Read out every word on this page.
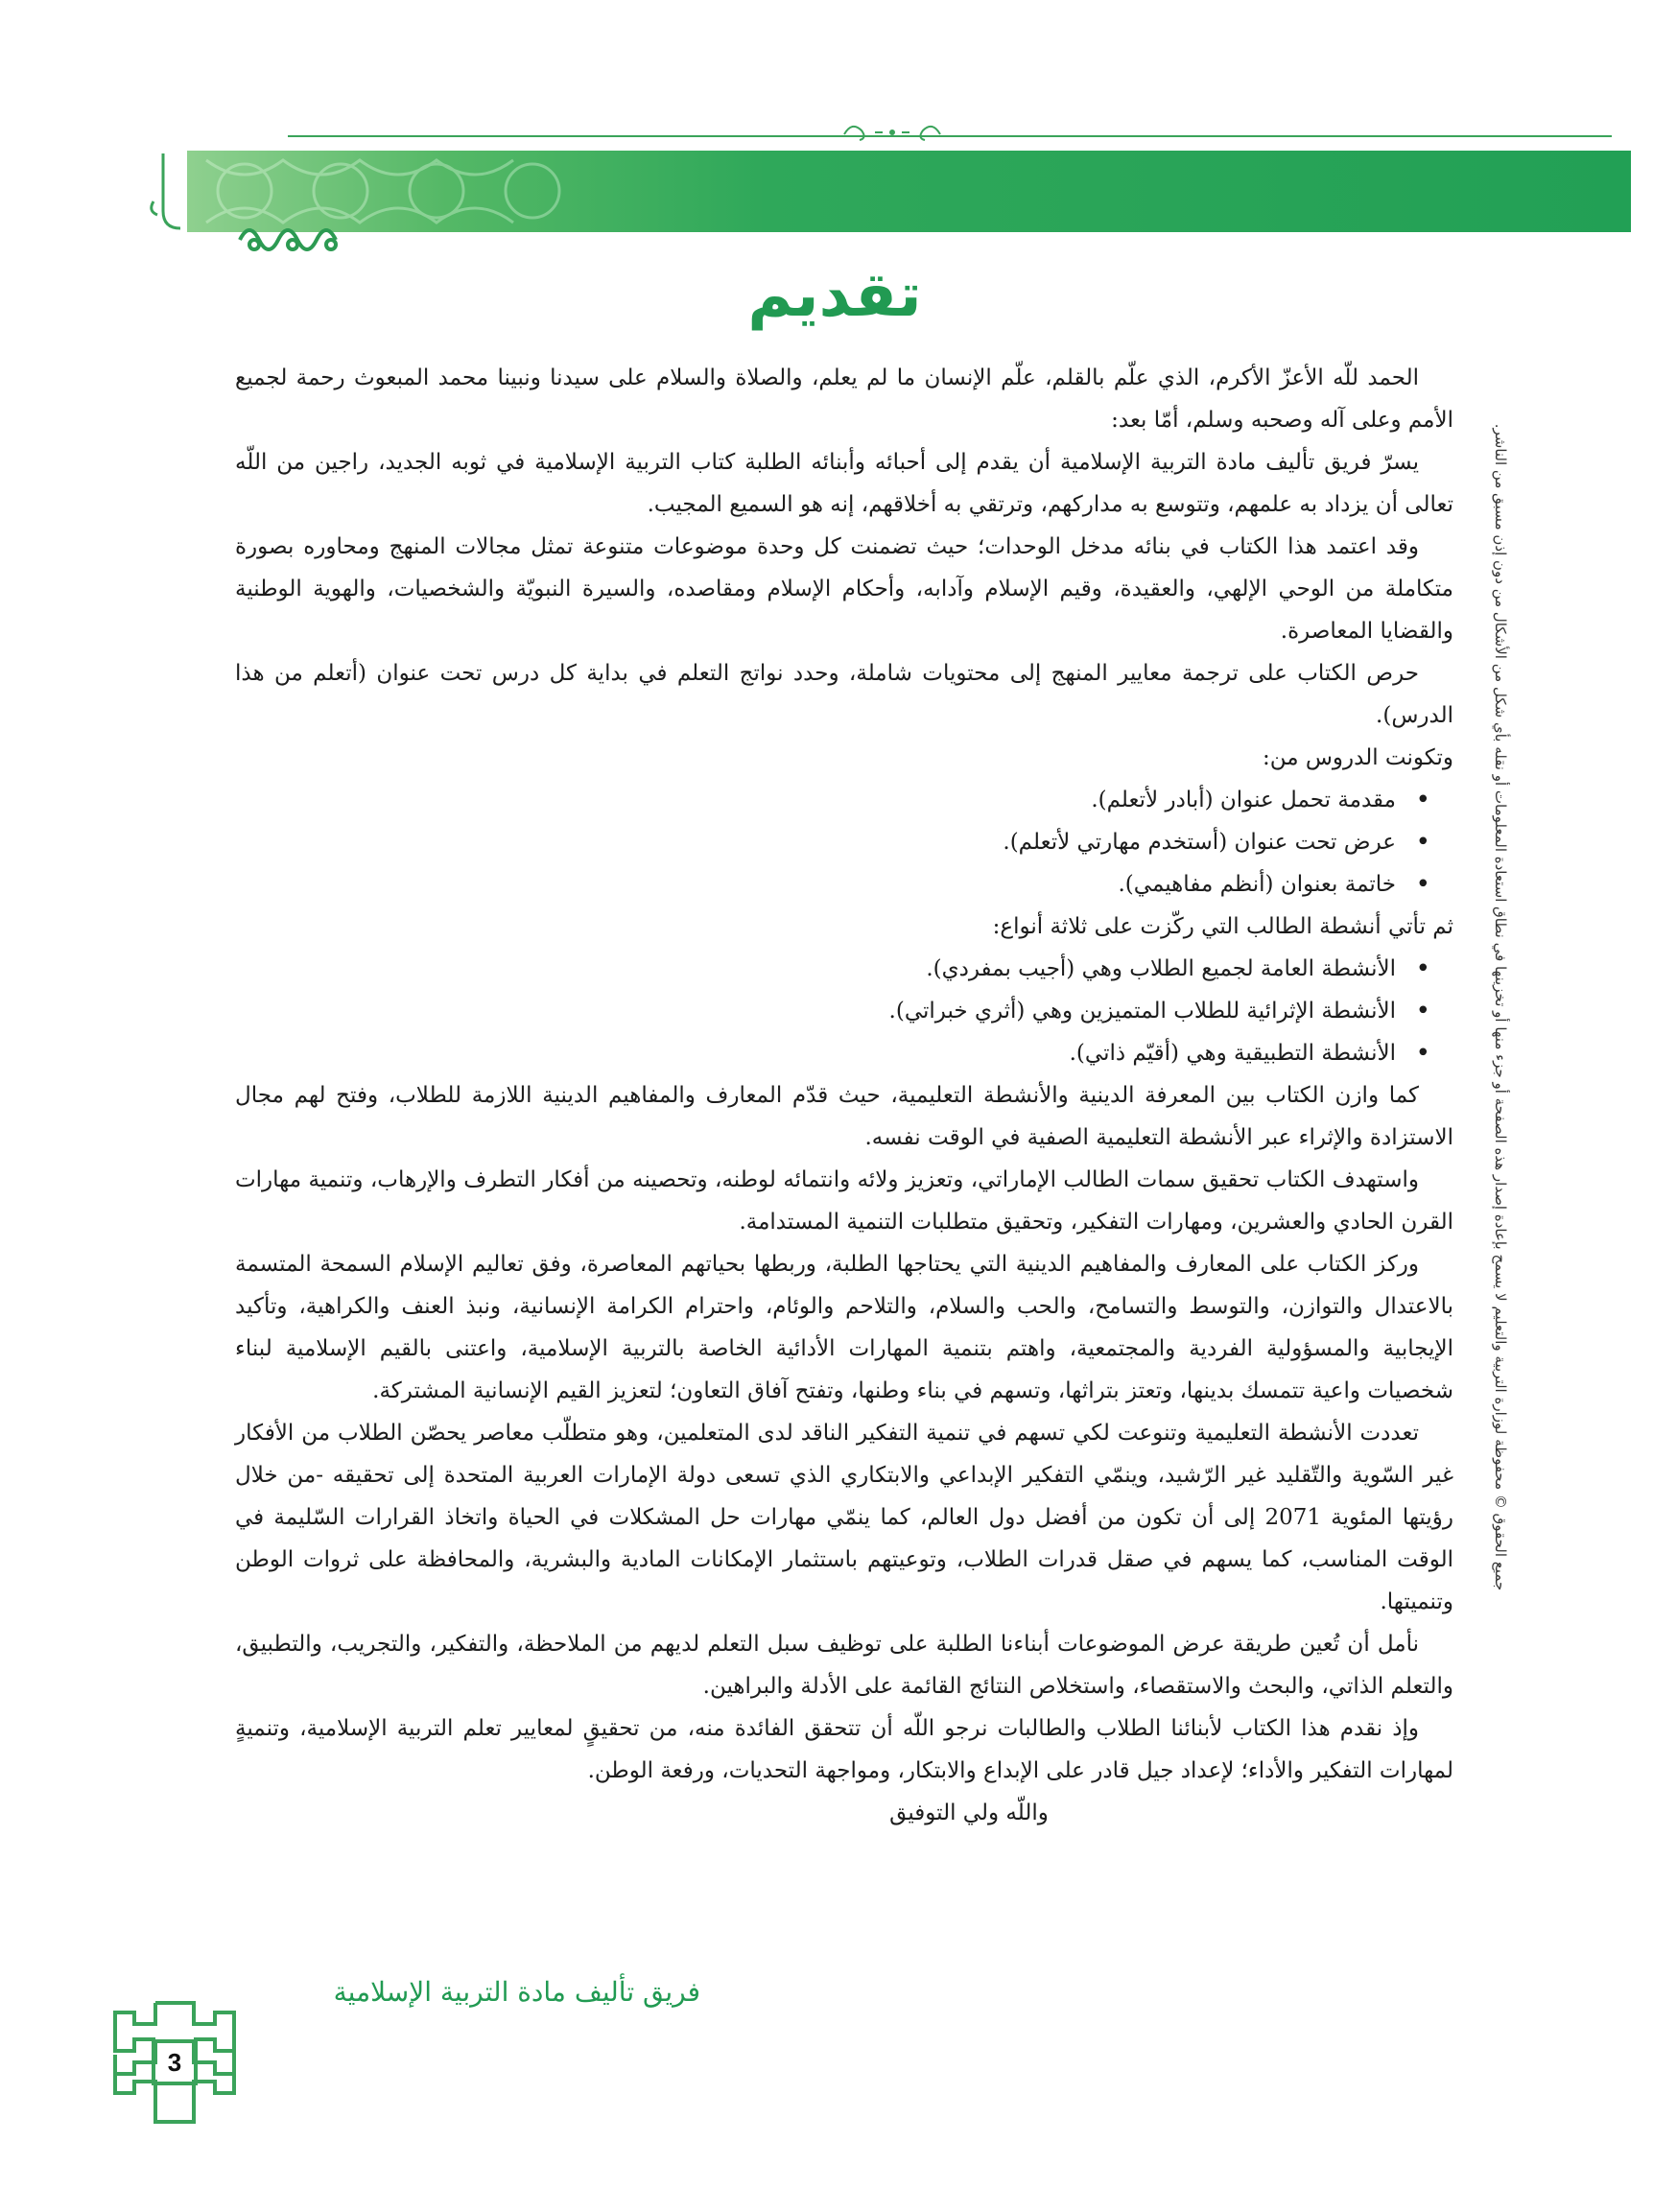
تقديم
جميع الحقوق © محفوظة لوزارة التربية والتعليم لا يسمح بإعادة إصدار هذه الصفحة أو جزء منها أو تخزينها في نطاق استعادة المعلومات أو نقله بأي شكل من الأشكال من دون إذن مسبق من الناشر.

الحمد للّه الأعزّ الأكرم، الذي علّم بالقلم، علّم الإنسان ما لم يعلم، والصلاة والسلام على سيدنا ونبينا محمد المبعوث رحمة لجميع الأمم وعلى آله وصحبه وسلم، أمّا بعد:

يسرّ فريق تأليف مادة التربية الإسلامية أن يقدم إلى أحبائه وأبنائه الطلبة كتاب التربية الإسلامية في ثوبه الجديد، راجين من اللّه تعالى أن يزداد به علمهم، وتتوسع به مداركهم، وترتقي به أخلاقهم، إنه هو السميع المجيب.

وقد اعتمد هذا الكتاب في بنائه مدخل الوحدات؛ حيث تضمنت كل وحدة موضوعات متنوعة تمثل مجالات المنهج ومحاوره بصورة متكاملة من الوحي الإلهي، والعقيدة، وقيم الإسلام وآدابه، وأحكام الإسلام ومقاصده، والسيرة النبويّة والشخصيات، والهوية الوطنية والقضايا المعاصرة.

حرص الكتاب على ترجمة معايير المنهج إلى محتويات شاملة، وحدد نواتج التعلم في بداية كل درس تحت عنوان (أتعلم من هذا الدرس).

وتكونت الدروس من:

• مقدمة تحمل عنوان (أبادر لأتعلم).
• عرض تحت عنوان (أستخدم مهارتي لأتعلم).
• خاتمة بعنوان (أنظم مفاهيمي).

ثم تأتي أنشطة الطالب التي ركّزت على ثلاثة أنواع:

• الأنشطة العامة لجميع الطلاب وهي (أجيب بمفردي).
• الأنشطة الإثرائية للطلاب المتميزين وهي (أثري خبراتي).
• الأنشطة التطبيقية وهي (أقيّم ذاتي).

كما وازن الكتاب بين المعرفة الدينية والأنشطة التعليمية، حيث قدّم المعارف والمفاهيم الدينية اللازمة للطلاب، وفتح لهم مجال الاستزادة والإثراء عبر الأنشطة التعليمية الصفية في الوقت نفسه.

واستهدف الكتاب تحقيق سمات الطالب الإماراتي، وتعزيز ولائه وانتمائه لوطنه، وتحصينه من أفكار التطرف والإرهاب، وتنمية مهارات القرن الحادي والعشرين، ومهارات التفكير، وتحقيق متطلبات التنمية المستدامة.

وركز الكتاب على المعارف والمفاهيم الدينية التي يحتاجها الطلبة، وربطها بحياتهم المعاصرة، وفق تعاليم الإسلام السمحة المتسمة بالاعتدال والتوازن، والتوسط والتسامح، والحب والسلام، والتلاحم والوئام، واحترام الكرامة الإنسانية، ونبذ العنف والكراهية، وتأكيد الإيجابية والمسؤولية الفردية والمجتمعية، واهتم بتنمية المهارات الأدائية الخاصة بالتربية الإسلامية، واعتنى بالقيم الإسلامية لبناء شخصيات واعية تتمسك بدينها، وتعتز بتراثها، وتسهم في بناء وطنها، وتفتح آفاق التعاون؛ لتعزيز القيم الإنسانية المشتركة.

تعددت الأنشطة التعليمية وتنوعت لكي تسهم في تنمية التفكير الناقد لدى المتعلمين، وهو متطلّب معاصر يحصّن الطلاب من الأفكار غير السّوية والتّقليد غير الرّشيد، وينمّي التفكير الإبداعي والابتكاري الذي تسعى دولة الإمارات العربية المتحدة إلى تحقيقه -من خلال رؤيتها المئوية 2071 إلى أن تكون من أفضل دول العالم، كما ينمّي مهارات حل المشكلات في الحياة واتخاذ القرارات السّليمة في الوقت المناسب، كما يسهم في صقل قدرات الطلاب، وتوعيتهم باستثمار الإمكانات المادية والبشرية، والمحافظة على ثروات الوطن وتنميتها.

نأمل أن تُعين طريقة عرض الموضوعات أبناءنا الطلبة على توظيف سبل التعلم لديهم من الملاحظة، والتفكير، والتجريب، والتطبيق، والتعلم الذاتي، والبحث والاستقصاء، واستخلاص النتائج القائمة على الأدلة والبراهين.

وإذ نقدم هذا الكتاب لأبنائنا الطلاب والطالبات نرجو اللّه أن تتحقق الفائدة منه، من تحقيقٍ لمعايير تعلم التربية الإسلامية، وتنميةٍ لمهارات التفكير والأداء؛ لإعداد جيل قادر على الإبداع والابتكار، ومواجهة التحديات، ورفعة الوطن.

واللّه ولي التوفيق

فريق تأليف مادة التربية الإسلامية
3
